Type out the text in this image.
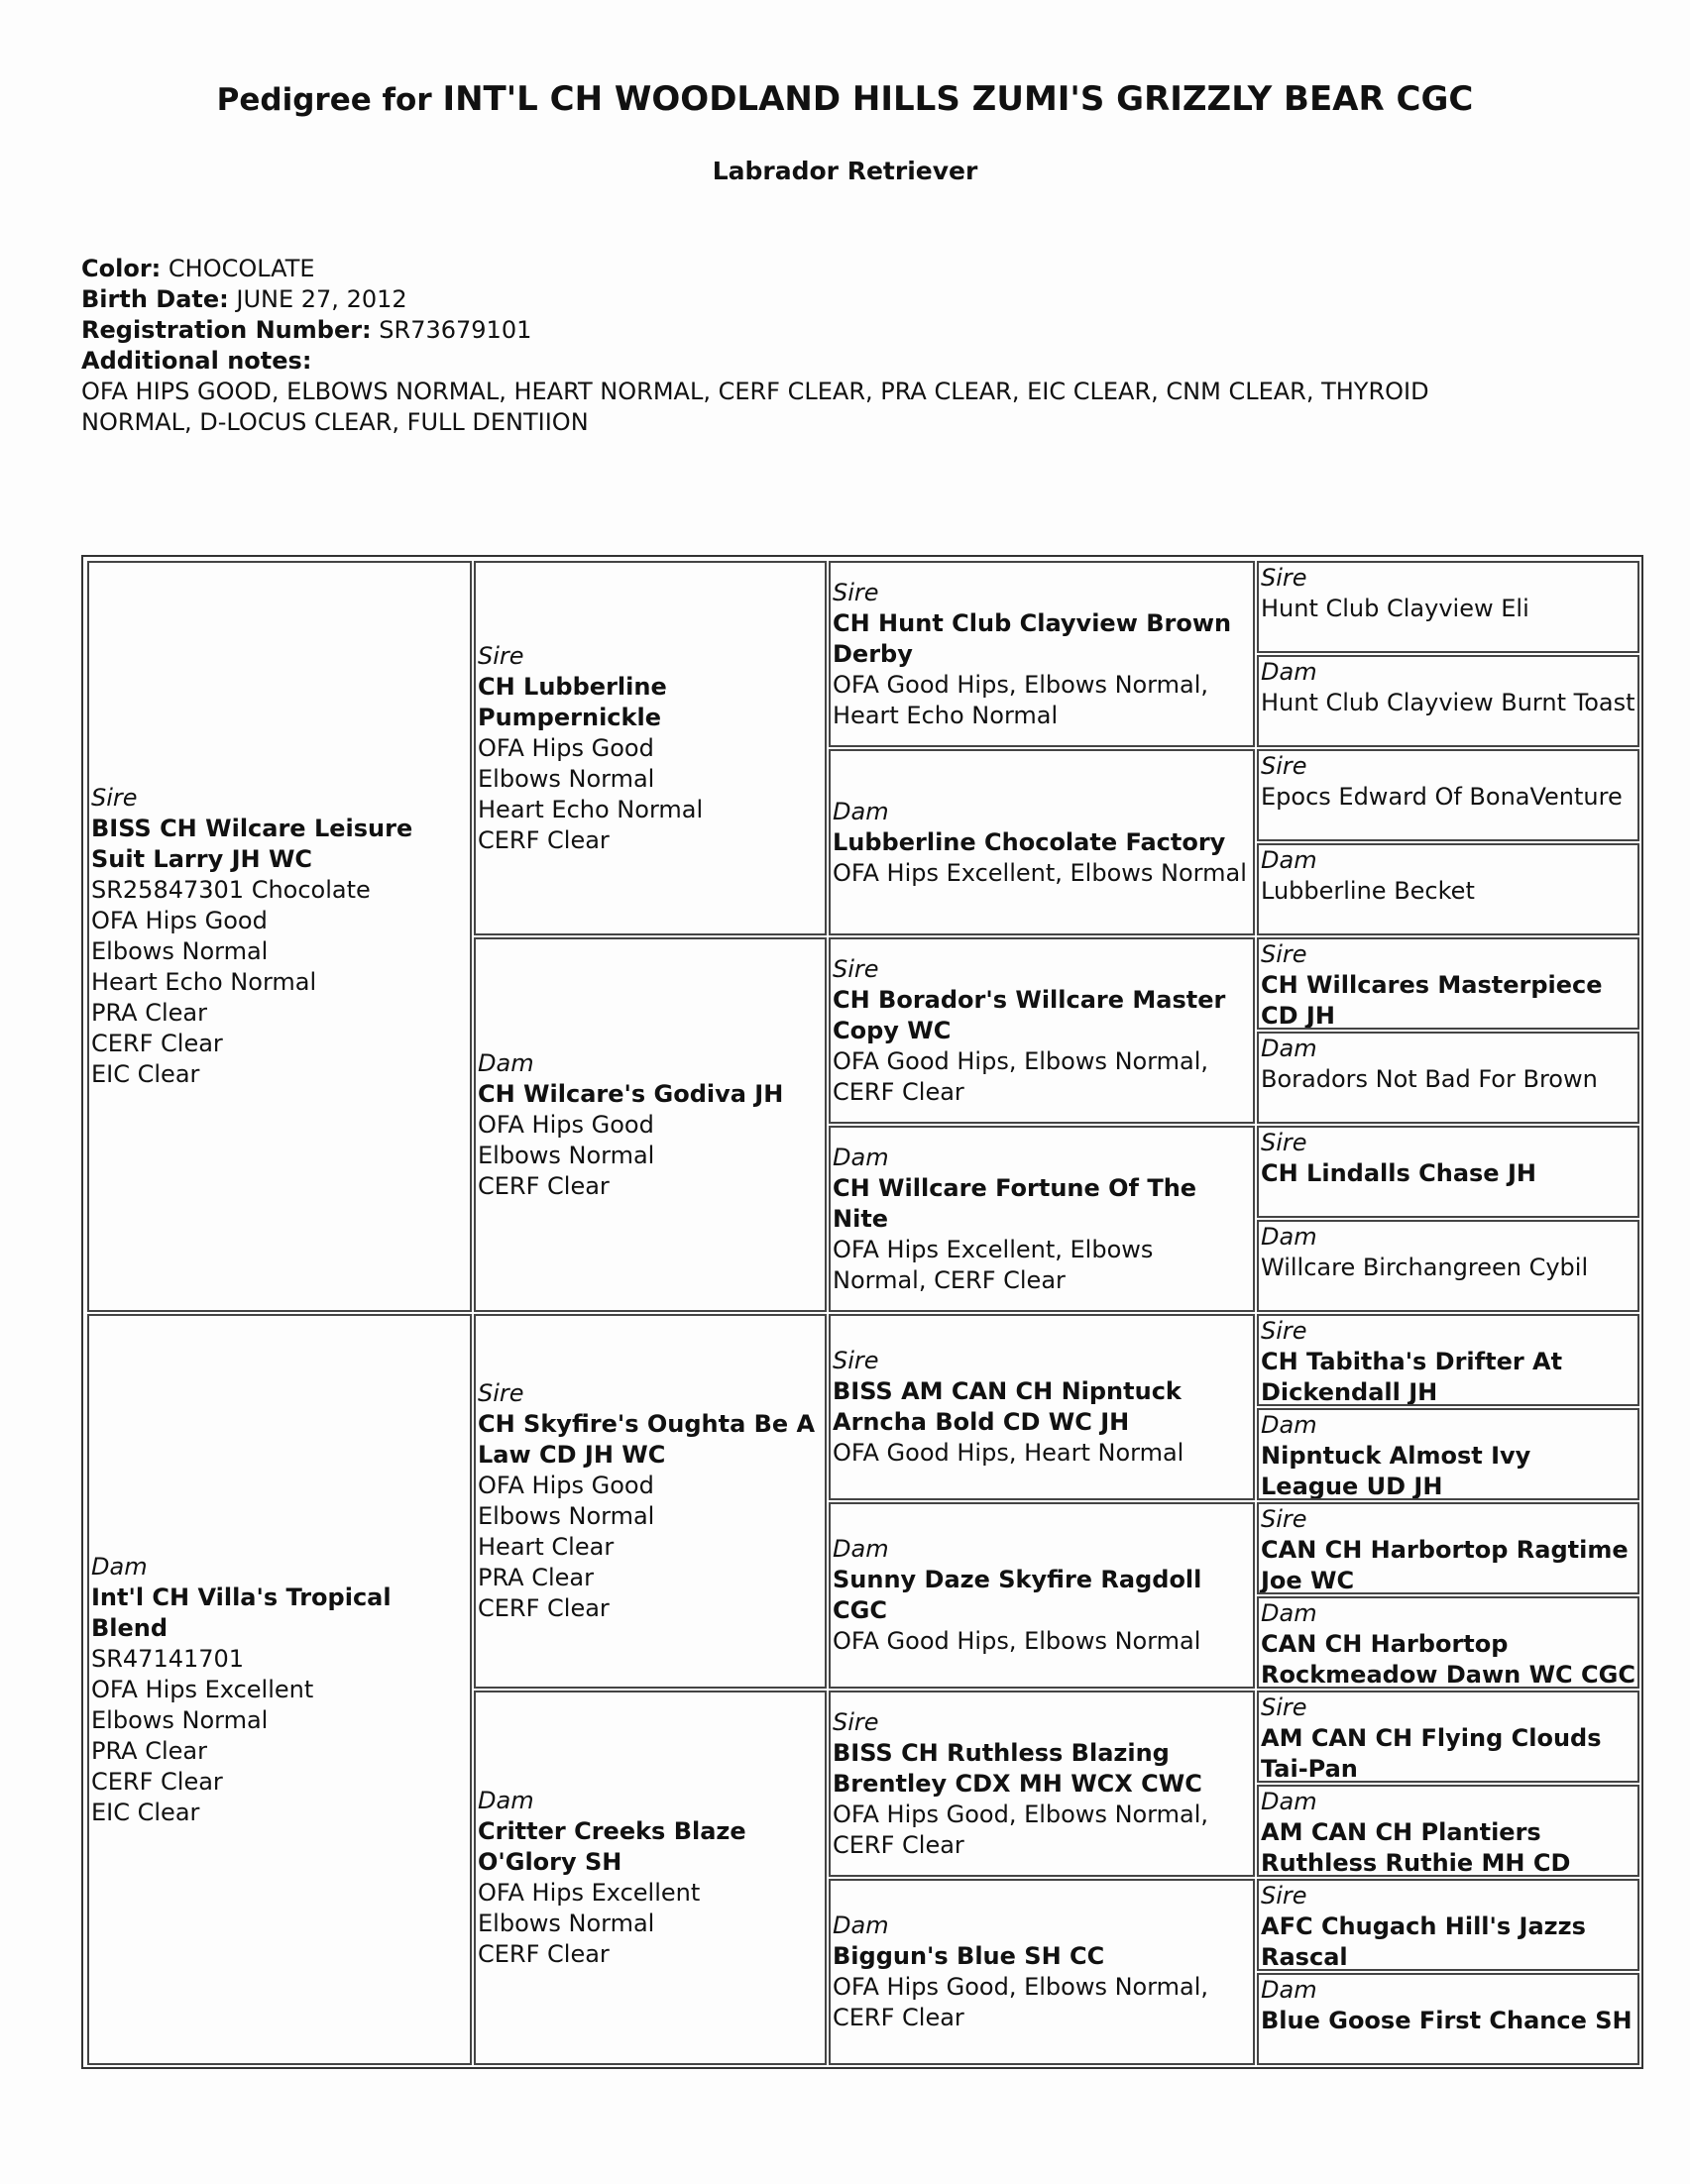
Pedigree for INT'L CH WOODLAND HILLS ZUMI'S GRIZZLY BEAR CGC
Labrador Retriever
Color: CHOCOLATE
Birth Date: JUNE 27, 2012
Registration Number: SR73679101
Additional notes:
OFA HIPS GOOD, ELBOWS NORMAL, HEART NORMAL, CERF CLEAR, PRA CLEAR, EIC CLEAR, CNM CLEAR, THYROID NORMAL, D-LOCUS CLEAR, FULL DENTIION
Sire
BISS CH Wilcare Leisure Suit Larry JH WC
SR25847301 Chocolate
OFA Hips Good
Elbows Normal
Heart Echo Normal
PRA Clear
CERF Clear
EIC Clear
Dam
Int'l CH Villa's Tropical Blend
SR47141701
OFA Hips Excellent
Elbows Normal
PRA Clear
CERF Clear
EIC Clear
Sire
CH Lubberline Pumpernickle
OFA Hips Good
Elbows Normal
Heart Echo Normal
CERF Clear
Dam
CH Wilcare's Godiva JH
OFA Hips Good
Elbows Normal
CERF Clear
Sire
CH Skyfire's Oughta Be A Law CD JH WC
OFA Hips Good
Elbows Normal
Heart Clear
PRA Clear
CERF Clear
Dam
Critter Creeks Blaze O'Glory SH
OFA Hips Excellent
Elbows Normal
CERF Clear
Sire
CH Hunt Club Clayview Brown Derby
OFA Good Hips, Elbows Normal, Heart Echo Normal
Dam
Lubberline Chocolate Factory
OFA Hips Excellent, Elbows Normal
Sire
CH Borador's Willcare Master Copy WC
OFA Good Hips, Elbows Normal, CERF Clear
Dam
CH Willcare Fortune Of The Nite
OFA Hips Excellent, Elbows Normal, CERF Clear
Sire
BISS AM CAN CH Nipntuck Arncha Bold CD WC JH
OFA Good Hips, Heart Normal
Dam
Sunny Daze Skyfire Ragdoll CGC
OFA Good Hips, Elbows Normal
Sire
BISS CH Ruthless Blazing Brentley CDX MH WCX CWC
OFA Hips Good, Elbows Normal, CERF Clear
Dam
Biggun's Blue SH CC
OFA Hips Good, Elbows Normal, CERF Clear
Sire
Hunt Club Clayview Eli
Dam
Hunt Club Clayview Burnt Toast
Sire
Epocs Edward Of BonaVenture
Dam
Lubberline Becket
Sire
CH Willcares Masterpiece CD JH
Dam
Boradors Not Bad For Brown
Sire
CH Lindalls Chase JH
Dam
Willcare Birchangreen Cybil
Sire
CH Tabitha's Drifter At Dickendall JH
Dam
Nipntuck Almost Ivy League UD JH
Sire
CAN CH Harbortop Ragtime Joe WC
Dam
CAN CH Harbortop Rockmeadow Dawn WC CGC
Sire
AM CAN CH Flying Clouds Tai-Pan
Dam
AM CAN CH Plantiers Ruthless Ruthie MH CD
Sire
AFC Chugach Hill's Jazzs Rascal
Dam
Blue Goose First Chance SH
